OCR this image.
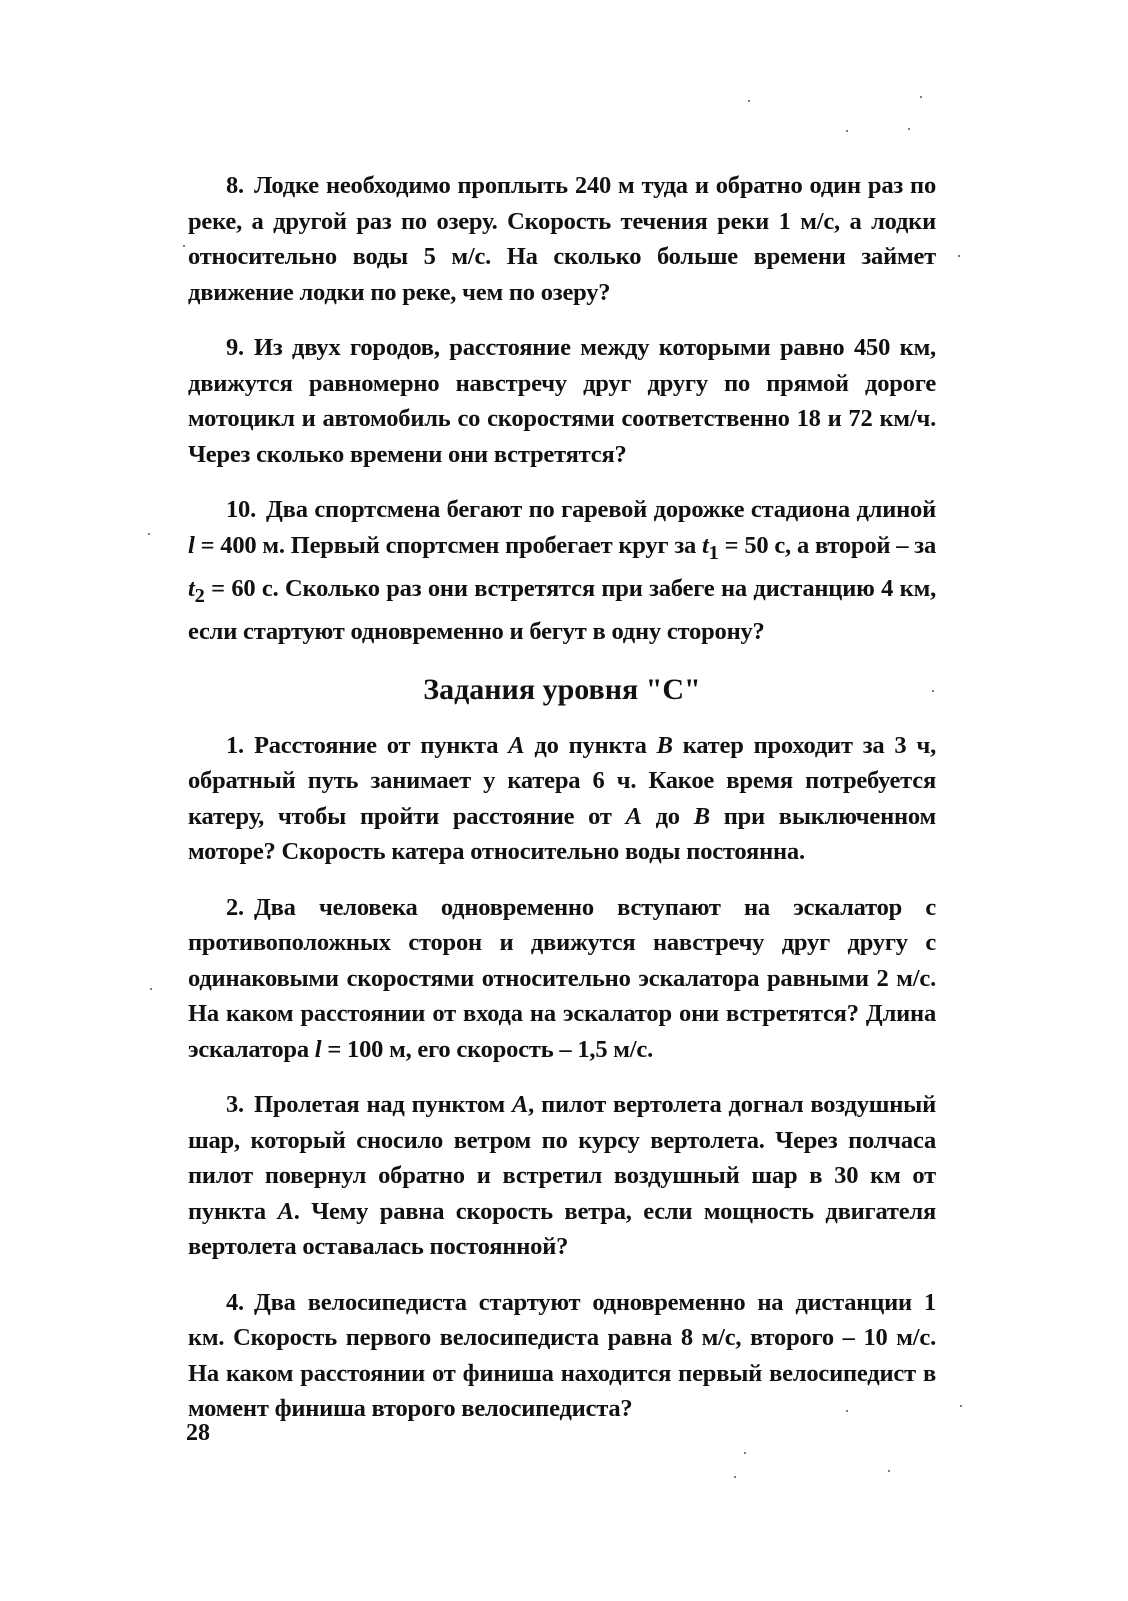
8. Лодке необходимо проплыть 240 м туда и обратно один раз по реке, а другой раз по озеру. Скорость течения реки 1 м/с, а лодки относительно воды 5 м/с. На сколько больше времени займет движение лодки по реке, чем по озеру?

9. Из двух городов, расстояние между которыми равно 450 км, движутся равномерно навстречу друг другу по прямой дороге мотоцикл и автомобиль со скоростями соответственно 18 и 72 км/ч. Через сколько времени они встретятся?

10. Два спортсмена бегают по гаревой дорожке стадиона длиной l = 400 м. Первый спортсмен пробегает круг за $t_1 = 50$ с, а второй – за $t_2 = 60$ с. Сколько раз они встретятся при забеге на дистанцию 4 км, если стартуют одновременно и бегут в одну сторону?

Задания уровня "С"

1. Расстояние от пункта A до пункта B катер проходит за 3 ч, обратный путь занимает у катера 6 ч. Какое время потребуется катеру, чтобы пройти расстояние от A до B при выключенном моторе? Скорость катера относительно воды постоянна.

2. Два человека одновременно вступают на эскалатор с противоположных сторон и движутся навстречу друг другу с одинаковыми скоростями относительно эскалатора равными 2 м/с. На каком расстоянии от входа на эскалатор они встретятся? Длина эскалатора l = 100 м, его скорость – 1,5 м/с.

3. Пролетая над пунктом A, пилот вертолета догнал воздушный шар, который сносило ветром по курсу вертолета. Через полчаса пилот повернул обратно и встретил воздушный шар в 30 км от пункта A. Чему равна скорость ветра, если мощность двигателя вертолета оставалась постоянной?

4. Два велосипедиста стартуют одновременно на дистанции 1 км. Скорость первого велосипедиста равна 8 м/с, второго – 10 м/с. На каком расстоянии от финиша находится первый велосипедист в момент финиша второго велосипедиста?

28
